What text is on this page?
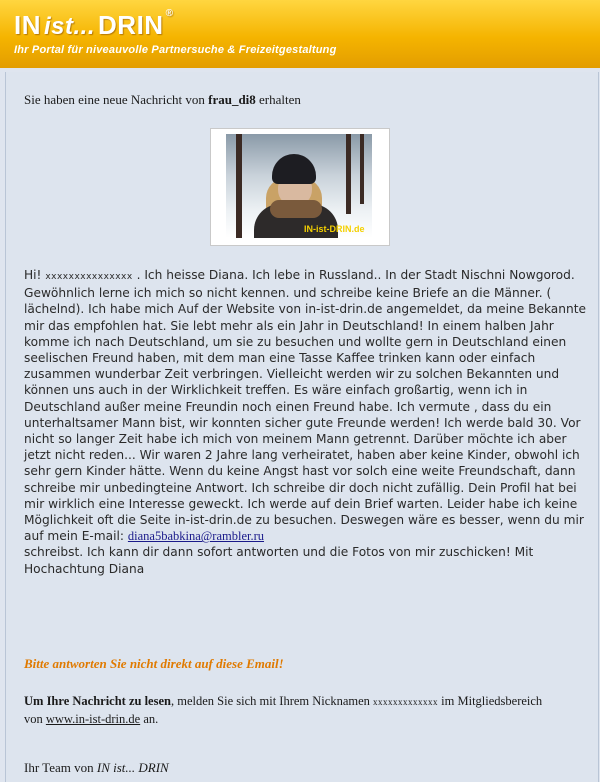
IN ist... DRIN ®
Ihr Portal für niveauvolle Partnersuche & Freizeitgestaltung
Sie haben eine neue Nachricht von frau_di8 erhalten
IN-ist-DRIN.de

Hi! xxxxxxxxxxxxxxx . Ich heisse Diana. Ich lebe in Russland.. In der Stadt Nischni Nowgorod. Gewöhnlich lerne ich mich so nicht kennen. und schreibe keine Briefe an die Männer. ( lächelnd). Ich habe mich Auf der Website von in-ist-drin.de angemeldet, da meine Bekannte mir das empfohlen hat. Sie lebt mehr als ein Jahr in Deutschland! In einem halben Jahr komme ich nach Deutschland, um sie zu besuchen und wollte gern in Deutschland einen seelischen Freund haben, mit dem man eine Tasse Kaffee trinken kann oder einfach zusammen wunderbar Zeit verbringen. Vielleicht werden wir zu solchen Bekannten und können uns auch in der Wirklichkeit treffen. Es wäre einfach großartig, wenn ich in Deutschland außer meine Freundin noch einen Freund habe. Ich vermute , dass du ein unterhaltsamer Mann bist, wir konnten sicher gute Freunde werden! Ich werde bald 30. Vor nicht so langer Zeit habe ich mich von meinem Mann getrennt. Darüber möchte ich aber jetzt nicht reden... Wir waren 2 Jahre lang verheiratet, haben aber keine Kinder, obwohl ich sehr gern Kinder hätte. Wenn du keine Angst hast vor solch eine weite Freundschaft, dann schreibe mir unbedingteine Antwort. Ich schreibe dir doch nicht zufällig. Dein Profil hat bei mir wirklich eine Interesse geweckt. Ich werde auf dein Brief warten. Leider habe ich keine Möglichkeit oft die Seite in-ist-drin.de zu besuchen. Deswegen wäre es besser, wenn du mir auf mein E-mail: diana5babkina@rambler.ru
schreibst. Ich kann dir dann sofort antworten und die Fotos von mir zuschicken! Mit Hochachtung Diana

Bitte antworten Sie nicht direkt auf diese Email!
Um Ihre Nachricht zu lesen, melden Sie sich mit Ihrem Nicknamen xxxxxxxxxxxxx im Mitgliedsbereich
von www.in-ist-drin.de an.
Ihr Team von IN ist... DRIN
